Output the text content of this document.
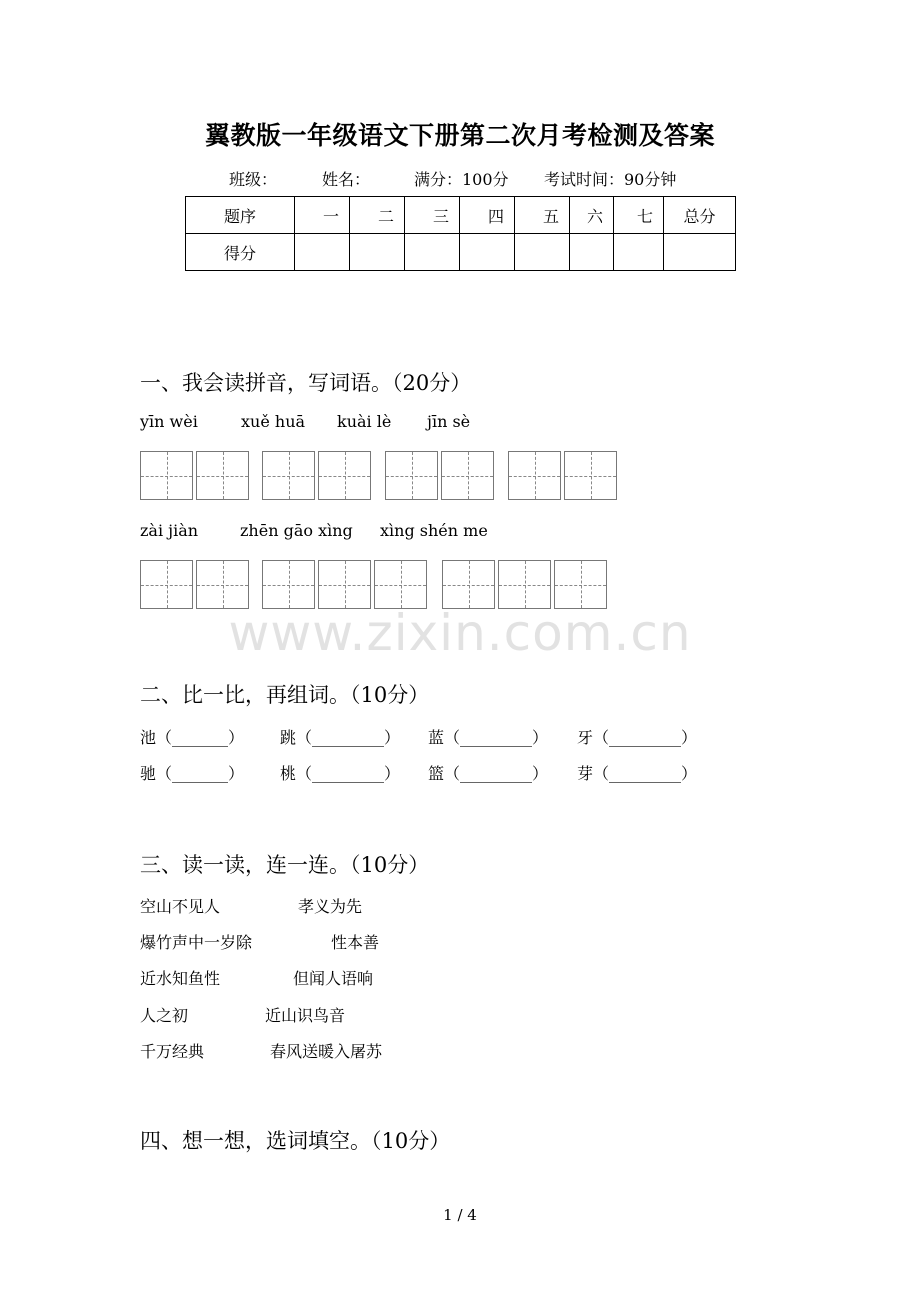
翼教版一年级语文下册第二次月考检测及答案
班级：	姓名：	满分：100分 考试时间：90分钟
题序	一	二	三	四	五	六	七	总分
得分								
一、我会读拼音，写词语。（20分）
yīn wèi	xuě huā kuài lè jīn sè
zài jiàn	zhēn gāo xìng xìng shén me
www.zixin.com.cn
二、比一比，再组词。（10分）
池（_______） 跳（_________） 蓝（_________） 牙（_________）
驰（_______） 桃（_________） 篮（_________） 芽（_________）
三、读一读，连一连。（10分）
空山不见人	孝义为先
爆竹声中一岁除	性本善
近水知鱼性	但闻人语响
人之初	近山识鸟音
千万经典	春风送暖入屠苏
四、想一想，选词填空。（10分）
1 / 4
